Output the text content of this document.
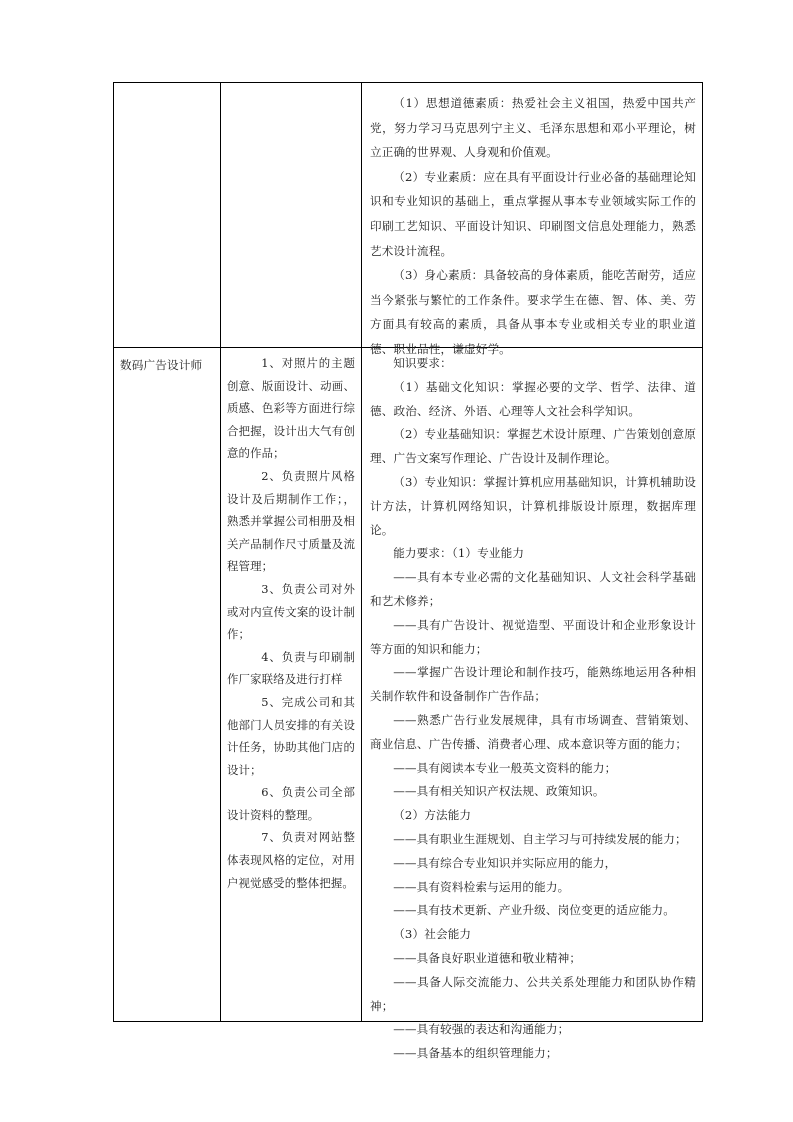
（1）思想道德素质：热爱社会主义祖国，热爱中国共产党，努力学习马克思列宁主义、毛泽东思想和邓小平理论，树立正确的世界观、人身观和价值观。

（2）专业素质：应在具有平面设计行业必备的基础理论知识和专业知识的基础上，重点掌握从事本专业领域实际工作的印刷工艺知识、平面设计知识、印刷图文信息处理能力，熟悉艺术设计流程。

（3）身心素质：具备较高的身体素质，能吃苦耐劳，适应当今紧张与繁忙的工作条件。要求学生在德、智、体、美、劳方面具有较高的素质，具备从事本专业或相关专业的职业道德、职业品性，谦虚好学。

数码广告设计师	1、对照片的主题创意、版面设计、动画、质感、色彩等方面进行综合把握，设计出大气有创意的作品；

2、负责照片风格设计及后期制作工作；，熟悉并掌握公司相册及相关产品制作尺寸质量及流程管理；

3、负责公司对外或对内宣传文案的设计制作；

4、负责与印刷制作厂家联络及进行打样

5、完成公司和其他部门人员安排的有关设计任务，协助其他门店的设计；

6、负责公司全部设计资料的整理。

7、负责对网站整体表现风格的定位，对用户视觉感受的整体把握。

知识要求：

（1）基础文化知识：掌握必要的文学、哲学、法律、道德、政治、经济、外语、心理等人文社会科学知识。

（2）专业基础知识：掌握艺术设计原理、广告策划创意原理、广告文案写作理论、广告设计及制作理论。

（3）专业知识：掌握计算机应用基础知识，计算机辅助设计方法，计算机网络知识，计算机排版设计原理，数据库理论。

能力要求：（1）专业能力

——具有本专业必需的文化基础知识、人文社会科学基础和艺术修养；

——具有广告设计、视觉造型、平面设计和企业形象设计等方面的知识和能力；

——掌握广告设计理论和制作技巧，能熟练地运用各种相关制作软件和设备制作广告作品；

——熟悉广告行业发展规律，具有市场调查、营销策划、商业信息、广告传播、消费者心理、成本意识等方面的能力；

——具有阅读本专业一般英文资料的能力；

——具有相关知识产权法规、政策知识。

（2）方法能力

——具有职业生涯规划、自主学习与可持续发展的能力；

——具有综合专业知识并实际应用的能力，

——具有资料检索与运用的能力。

——具有技术更新、产业升级、岗位变更的适应能力。

（3）社会能力

——具备良好职业道德和敬业精神；

——具备人际交流能力、公共关系处理能力和团队协作精神；

——具有较强的表达和沟通能力；

——具备基本的组织管理能力；
